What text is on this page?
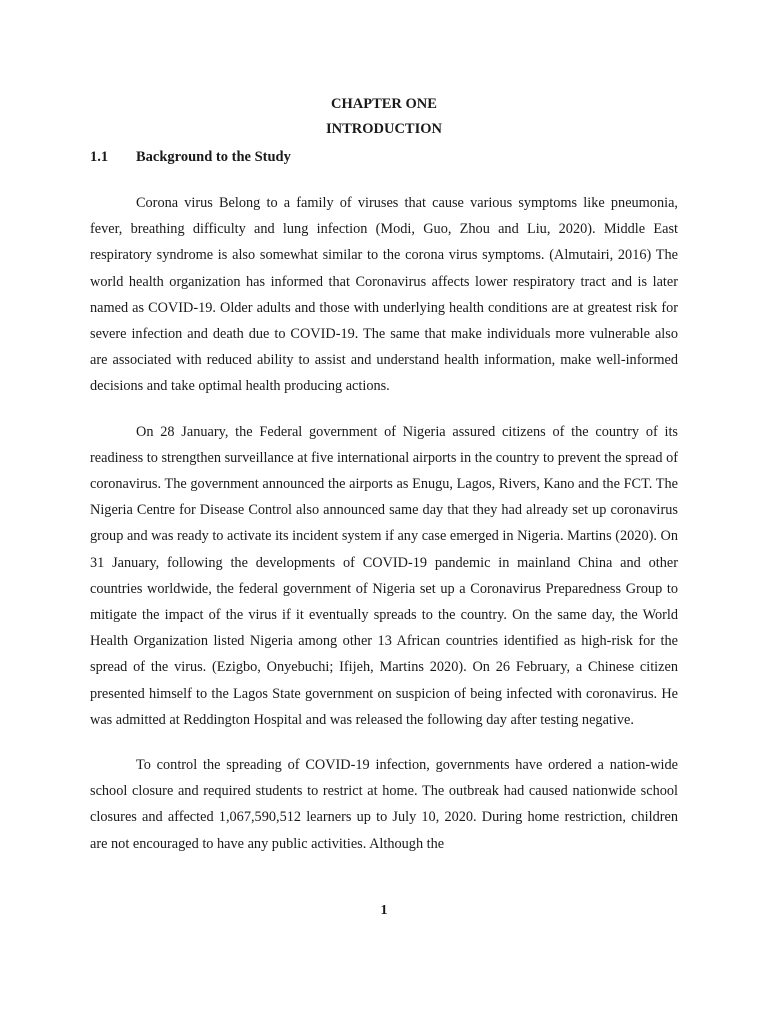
CHAPTER ONE
INTRODUCTION
1.1	Background to the Study

Corona virus Belong to a family of viruses that cause various symptoms like pneumonia, fever, breathing difficulty and lung infection (Modi, Guo, Zhou and Liu, 2020). Middle East respiratory syndrome is also somewhat similar to the corona virus symptoms. (Almutairi, 2016) The world health organization has informed that Coronavirus affects lower respiratory tract and is later named as COVID-19. Older adults and those with underlying health conditions are at greatest risk for severe infection and death due to COVID-19. The same that make individuals more vulnerable also are associated with reduced ability to assist and understand health information, make well-informed decisions and take optimal health producing actions.

On 28 January, the Federal government of Nigeria assured citizens of the country of its readiness to strengthen surveillance at five international airports in the country to prevent the spread of coronavirus. The government announced the airports as Enugu, Lagos, Rivers, Kano and the FCT. The Nigeria Centre for Disease Control also announced same day that they had already set up coronavirus group and was ready to activate its incident system if any case emerged in Nigeria. Martins (2020). On 31 January, following the developments of COVID-19 pandemic in mainland China and other countries worldwide, the federal government of Nigeria set up a Coronavirus Preparedness Group to mitigate the impact of the virus if it eventually spreads to the country. On the same day, the World Health Organization listed Nigeria among other 13 African countries identified as high-risk for the spread of the virus. (Ezigbo, Onyebuchi; Ifijeh, Martins 2020). On 26 February, a Chinese citizen presented himself to the Lagos State government on suspicion of being infected with coronavirus. He was admitted at Reddington Hospital and was released the following day after testing negative.

To control the spreading of COVID-19 infection, governments have ordered a nation-wide school closure and required students to restrict at home. The outbreak had caused nationwide school closures and affected 1,067,590,512 learners up to July 10, 2020. During home restriction, children are not encouraged to have any public activities. Although the

1
